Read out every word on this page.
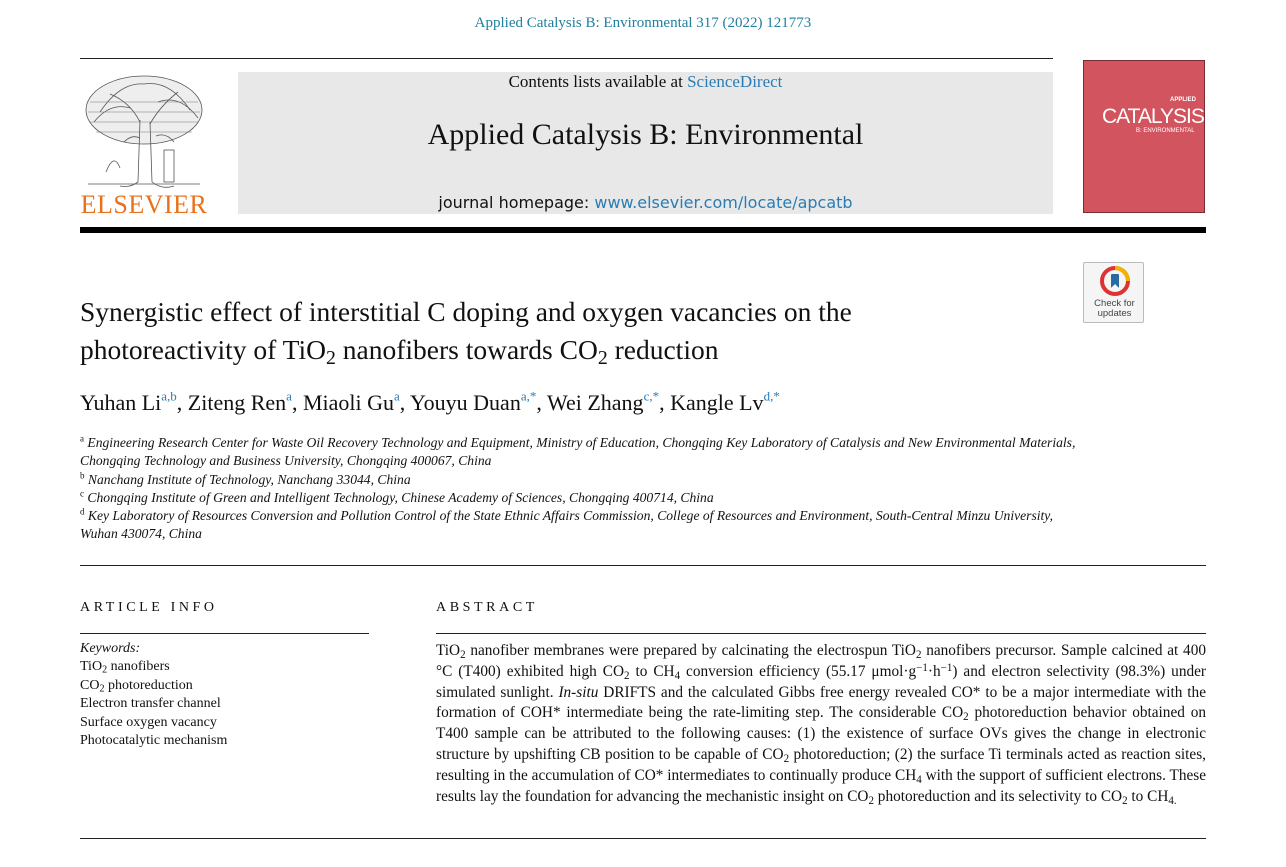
Applied Catalysis B: Environmental 317 (2022) 121773
ELSEVIER
Contents lists available at ScienceDirect
Applied Catalysis B: Environmental
journal homepage: www.elsevier.com/locate/apcatb
APPLIED
CATALYSIS
B: ENVIRONMENTAL
Check for
updates
Synergistic effect of interstitial C doping and oxygen vacancies on the
photoreactivity of TiO$_2$ nanofibers towards $CO_2$ reduction
Yuhan Li$^{a,b}$, Ziteng Ren$^a$, Miaoli Gu$^a$, Youyu Duan$^{a,*}$, Wei Zhang$^{c,*}$, Kangle $Lv^{d,*}$
$^a$ Engineering Research Center for Waste Oil Recovery Technology and Equipment, Ministry of Education, Chongqing Key Laboratory of Catalysis and New Environmental Materials, Chongqing Technology and Business University, Chongqing 400067, China
$^b$ Nanchang Institute of Technology, Nanchang 33044, China
$^c$ Chongqing Institute of Green and Intelligent Technology, Chinese Academy of Sciences, Chongqing 400714, China
$^d$ Key Laboratory of Resources Conversion and Pollution Control of the State Ethnic Affairs Commission, College of Resources and Environment, South-Central Minzu University, Wuhan 430074, China
ARTICLE INFO	ABSTRACT
Keywords:
TiO$_2$ nanofibers
$CO_2$ photoreduction
Electron transfer channel
Surface oxygen vacancy
Photocatalytic mechanism
TiO$_2$ nanofiber membranes were prepared by calcinating the electrospun TiO$_2$ nanofibers precursor. Sample calcined at 400 °C (T400) exhibited high $CO_2$ to $CH_4$ conversion efficiency (55.17 $\mu mol\cdot g^{-1}\cdot h^{-1}$) and electron selectivity (98.3%) under simulated sunlight. In-situ DRIFTS and the calculated Gibbs free energy revealed CO* to be a major intermediate with the formation of COH* intermediate being the rate-limiting step. The considerable $CO_2$ photoreduction behavior obtained on T400 sample can be attributed to the following causes: (1) the existence of surface OVs gives the change in electronic structure by upshifting CB position to be capable of $CO_2$ photoreduction; (2) the surface Ti terminals acted as reaction sites, resulting in the accumulation of CO* intermediates to continually produce $CH_4$ with the support of sufficient electrons. These results lay the foundation for advancing the mechanistic insight on $CO_2$ photoreduction and its selectivity to $CO_2$ to $CH_{4.}$
